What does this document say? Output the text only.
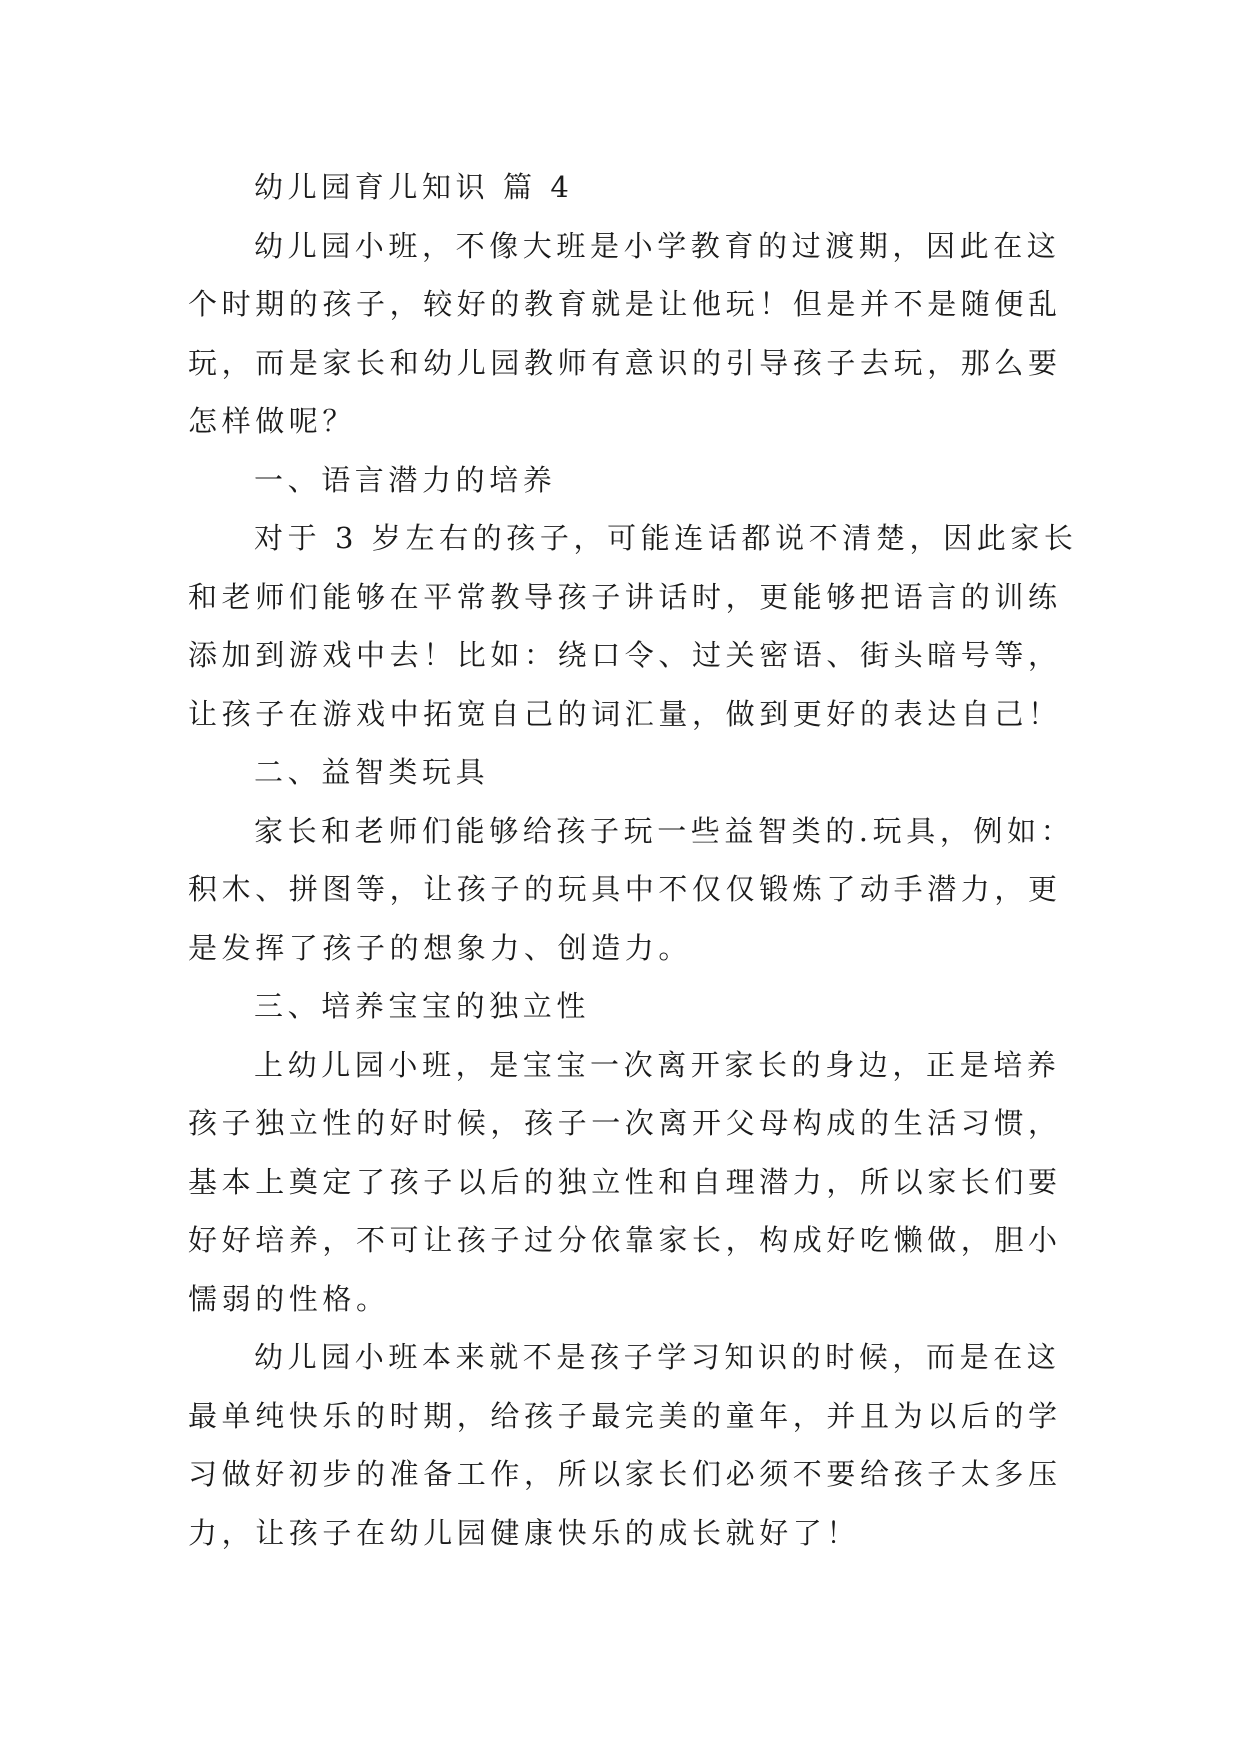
幼儿园育儿知识 篇 4
幼儿园小班，不像大班是小学教育的过渡期，因此在这
个时期的孩子，较好的教育就是让他玩！但是并不是随便乱
玩，而是家长和幼儿园教师有意识的引导孩子去玩，那么要
怎样做呢？
一、语言潜力的培养
对于 3 岁左右的孩子，可能连话都说不清楚，因此家长
和老师们能够在平常教导孩子讲话时，更能够把语言的训练
添加到游戏中去！比如：绕口令、过关密语、街头暗号等，
让孩子在游戏中拓宽自己的词汇量，做到更好的表达自己！
二、益智类玩具
家长和老师们能够给孩子玩一些益智类的.玩具，例如：
积木、拼图等，让孩子的玩具中不仅仅锻炼了动手潜力，更
是发挥了孩子的想象力、创造力。
三、培养宝宝的独立性
上幼儿园小班，是宝宝一次离开家长的身边，正是培养
孩子独立性的好时候，孩子一次离开父母构成的生活习惯，
基本上奠定了孩子以后的独立性和自理潜力，所以家长们要
好好培养，不可让孩子过分依靠家长，构成好吃懒做，胆小
懦弱的性格。
幼儿园小班本来就不是孩子学习知识的时候，而是在这
最单纯快乐的时期，给孩子最完美的童年，并且为以后的学
习做好初步的准备工作，所以家长们必须不要给孩子太多压
力，让孩子在幼儿园健康快乐的成长就好了！
